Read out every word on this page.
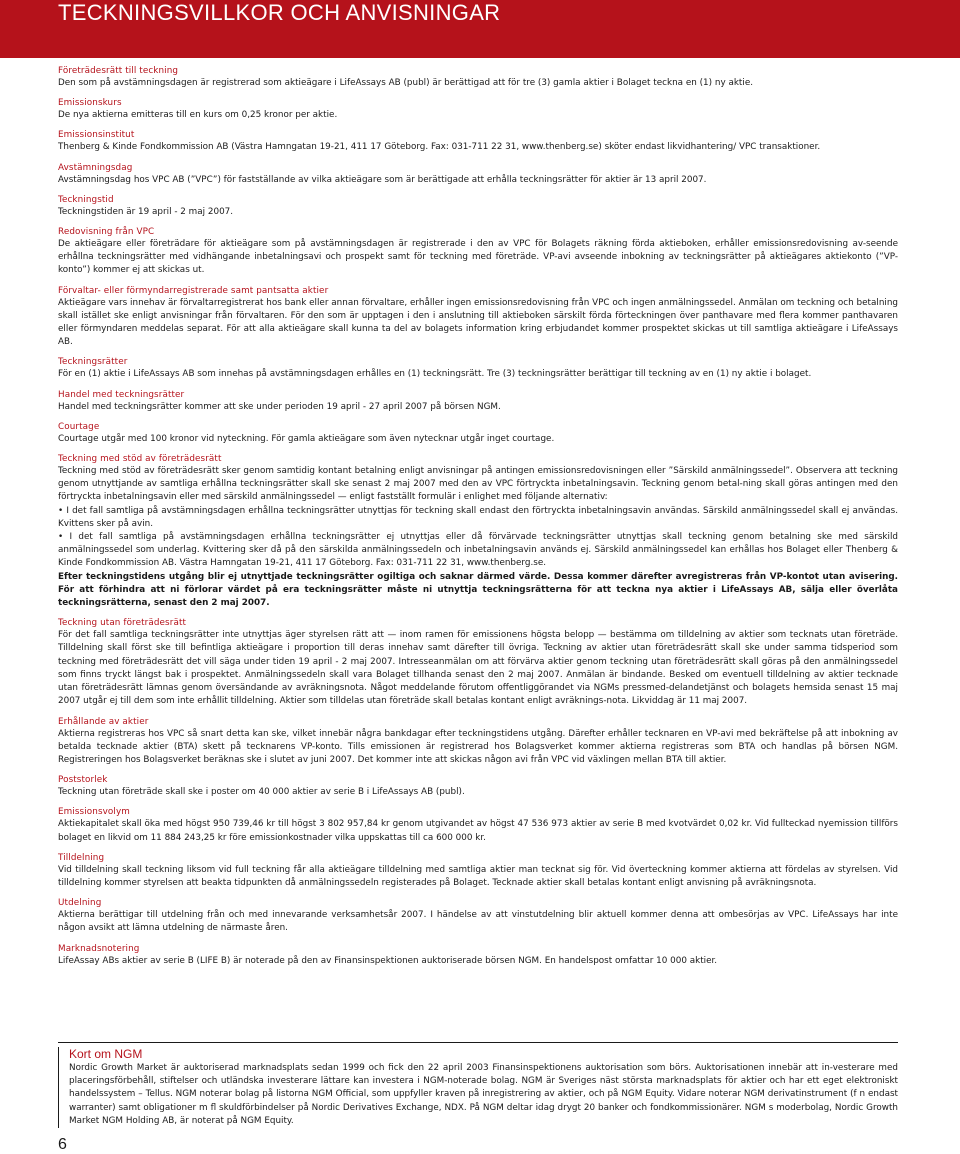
TECKNINGSVILLKOR OCH ANVISNINGAR
Företrädesrätt till teckning

Den som på avstämningsdagen är registrerad som aktieägare i LifeAssays AB (publ) är berättigad att för tre (3) gamla aktier i Bolaget teckna en (1) ny aktie.

Emissionskurs

De nya aktierna emitteras till en kurs om 0,25 kronor per aktie.

Emissionsinstitut

Thenberg & Kinde Fondkommission AB (Västra Hamngatan 19-21, 411 17 Göteborg. Fax: 031-711 22 31, www.thenberg.se) sköter endast likvidhantering/ VPC transaktioner.

Avstämningsdag

Avstämningsdag hos VPC AB (”VPC”) för fastställande av vilka aktieägare som är berättigade att erhålla teckningsrätter för aktier är 13 april 2007.

Teckningstid

Teckningstiden är 19 april - 2 maj 2007.

Redovisning från VPC

De aktieägare eller företrädare för aktieägare som på avstämningsdagen är registrerade i den av VPC för Bolagets räkning förda aktieboken, erhåller emissionsredovisning av-seende erhållna teckningsrätter med vidhängande inbetalningsavi och prospekt samt för teckning med företräde. VP-avi avseende inbokning av teckningsrätter på aktieägares aktiekonto (”VP-konto”) kommer ej att skickas ut.

Förvaltar- eller förmyndarregistrerade samt pantsatta aktier

Aktieägare vars innehav är förvaltarregistrerat hos bank eller annan förvaltare, erhåller ingen emissionsredovisning från VPC och ingen anmälningssedel. Anmälan om teckning och betalning skall istället ske enligt anvisningar från förvaltaren. För den som är upptagen i den i anslutning till aktieboken särskilt förda förteckningen över panthavare med flera kommer panthavaren eller förmyndaren meddelas separat. För att alla aktieägare skall kunna ta del av bolagets information kring erbjudandet kommer prospektet skickas ut till samtliga aktieägare i LifeAssays AB.

Teckningsrätter

För en (1) aktie i LifeAssays AB som innehas på avstämningsdagen erhålles en (1) teckningsrätt. Tre (3) teckningsrätter berättigar till teckning av en (1) ny aktie i bolaget.

Handel med teckningsrätter

Handel med teckningsrätter kommer att ske under perioden 19 april - 27 april 2007 på börsen NGM.

Courtage

Courtage utgår med 100 kronor vid nyteckning. För gamla aktieägare som även nytecknar utgår inget courtage.

Teckning med stöd av företrädesrätt

Teckning med stöd av företrädesrätt sker genom samtidig kontant betalning enligt anvisningar på antingen emissionsredovisningen eller ”Särskild anmälningssedel”. Observera att teckning genom utnyttjande av samtliga erhållna teckningsrätter skall ske senast 2 maj 2007 med den av VPC förtryckta inbetalningsavin. Teckning genom betal-ning skall göras antingen med den förtryckta inbetalningsavin eller med särskild anmälningssedel — enligt fastställt formulär i enlighet med följande alternativ:

• I det fall samtliga på avstämningsdagen erhållna teckningsrätter utnyttjas för teckning skall endast den förtryckta inbetalningsavin användas. Särskild anmälningssedel skall ej användas. Kvittens sker på avin.

• I det fall samtliga på avstämningsdagen erhållna teckningsrätter ej utnyttjas eller då förvärvade teckningsrätter utnyttjas skall teckning genom betalning ske med särskild anmälningssedel som underlag. Kvittering sker då på den särskilda anmälningssedeln och inbetalningsavin används ej. Särskild anmälningssedel kan erhållas hos Bolaget eller Thenberg & Kinde Fondkommission AB. Västra Hamngatan 19-21, 411 17 Göteborg. Fax: 031-711 22 31, www.thenberg.se.

Efter teckningstidens utgång blir ej utnyttjade teckningsrätter ogiltiga och saknar därmed värde. Dessa kommer därefter avregistreras från VP-kontot utan avisering. För att förhindra att ni förlorar värdet på era teckningsrätter måste ni utnyttja teckningsrätterna för att teckna nya aktier i LifeAssays AB, sälja eller överlåta teckningsrätterna, senast den 2 maj 2007.

Teckning utan företrädesrätt

För det fall samtliga teckningsrätter inte utnyttjas äger styrelsen rätt att — inom ramen för emissionens högsta belopp — bestämma om tilldelning av aktier som tecknats utan företräde. Tilldelning skall först ske till befintliga aktieägare i proportion till deras innehav samt därefter till övriga. Teckning av aktier utan företrädesrätt skall ske under samma tidsperiod som teckning med företrädesrätt det vill säga under tiden 19 april - 2 maj 2007. Intresseanmälan om att förvärva aktier genom teckning utan företrädesrätt skall göras på den anmälningssedel som finns tryckt längst bak i prospektet. Anmälningssedeln skall vara Bolaget tillhanda senast den 2 maj 2007. Anmälan är bindande. Besked om eventuell tilldelning av aktier tecknade utan företrädesrätt lämnas genom översändande av avräkningsnota. Något meddelande förutom offentliggörandet via NGMs pressmed-delandetjänst och bolagets hemsida senast 15 maj 2007 utgår ej till dem som inte erhållit tilldelning. Aktier som tilldelas utan företräde skall betalas kontant enligt avräknings-nota. Likviddag är 11 maj 2007.

Erhållande av aktier

Aktierna registreras hos VPC så snart detta kan ske, vilket innebär några bankdagar efter teckningstidens utgång. Därefter erhåller tecknaren en VP-avi med bekräftelse på att inbokning av betalda tecknade aktier (BTA) skett på tecknarens VP-konto. Tills emissionen är registrerad hos Bolagsverket kommer aktierna registreras som BTA och handlas på börsen NGM. Registreringen hos Bolagsverket beräknas ske i slutet av juni 2007. Det kommer inte att skickas någon avi från VPC vid växlingen mellan BTA till aktier.

Poststorlek

Teckning utan företräde skall ske i poster om 40 000 aktier av serie B i LifeAssays AB (publ).

Emissionsvolym

Aktiekapitalet skall öka med högst 950 739,46 kr till högst 3 802 957,84 kr genom utgivandet av högst 47 536 973 aktier av serie B med kvotvärdet 0,02 kr. Vid fullteckad nyemission tillförs bolaget en likvid om 11 884 243,25 kr före emissionkostnader vilka uppskattas till ca 600 000 kr.

Tilldelning

Vid tilldelning skall teckning liksom vid full teckning får alla aktieägare tilldelning med samtliga aktier man tecknat sig för. Vid överteckning kommer aktierna att fördelas av styrelsen. Vid tilldelning kommer styrelsen att beakta tidpunkten då anmälningssedeln registerades på Bolaget. Tecknade aktier skall betalas kontant enligt anvisning på avräkningsnota.

Utdelning

Aktierna berättigar till utdelning från och med innevarande verksamhetsår 2007. I händelse av att vinstutdelning blir aktuell kommer denna att ombesörjas av VPC. LifeAssays har inte någon avsikt att lämna utdelning de närmaste åren.

Marknadsnotering

LifeAssay ABs aktier av serie B (LIFE B) är noterade på den av Finansinspektionen auktoriserade börsen NGM. En handelspost omfattar 10 000 aktier.

Kort om NGM

Nordic Growth Market är auktoriserad marknadsplats sedan 1999 och fick den 22 april 2003 Finansinspektionens auktorisation som börs. Auktorisationen innebär att in-vesterare med placeringsförbehåll, stiftelser och utländska investerare lättare kan investera i NGM-noterade bolag. NGM är Sveriges näst största marknadsplats för aktier och har ett eget elektroniskt handelssystem – Tellus. NGM noterar bolag på listorna NGM Official, som uppfyller kraven på inregistrering av aktier, och på NGM Equity. Vidare noterar NGM derivatinstrument (f n endast warranter) samt obligationer m fl skuldförbindelser på Nordic Derivatives Exchange, NDX. På NGM deltar idag drygt 20 banker och fondkommissionärer. NGM s moderbolag, Nordic Growth Market NGM Holding AB, är noterat på NGM Equity.

6
